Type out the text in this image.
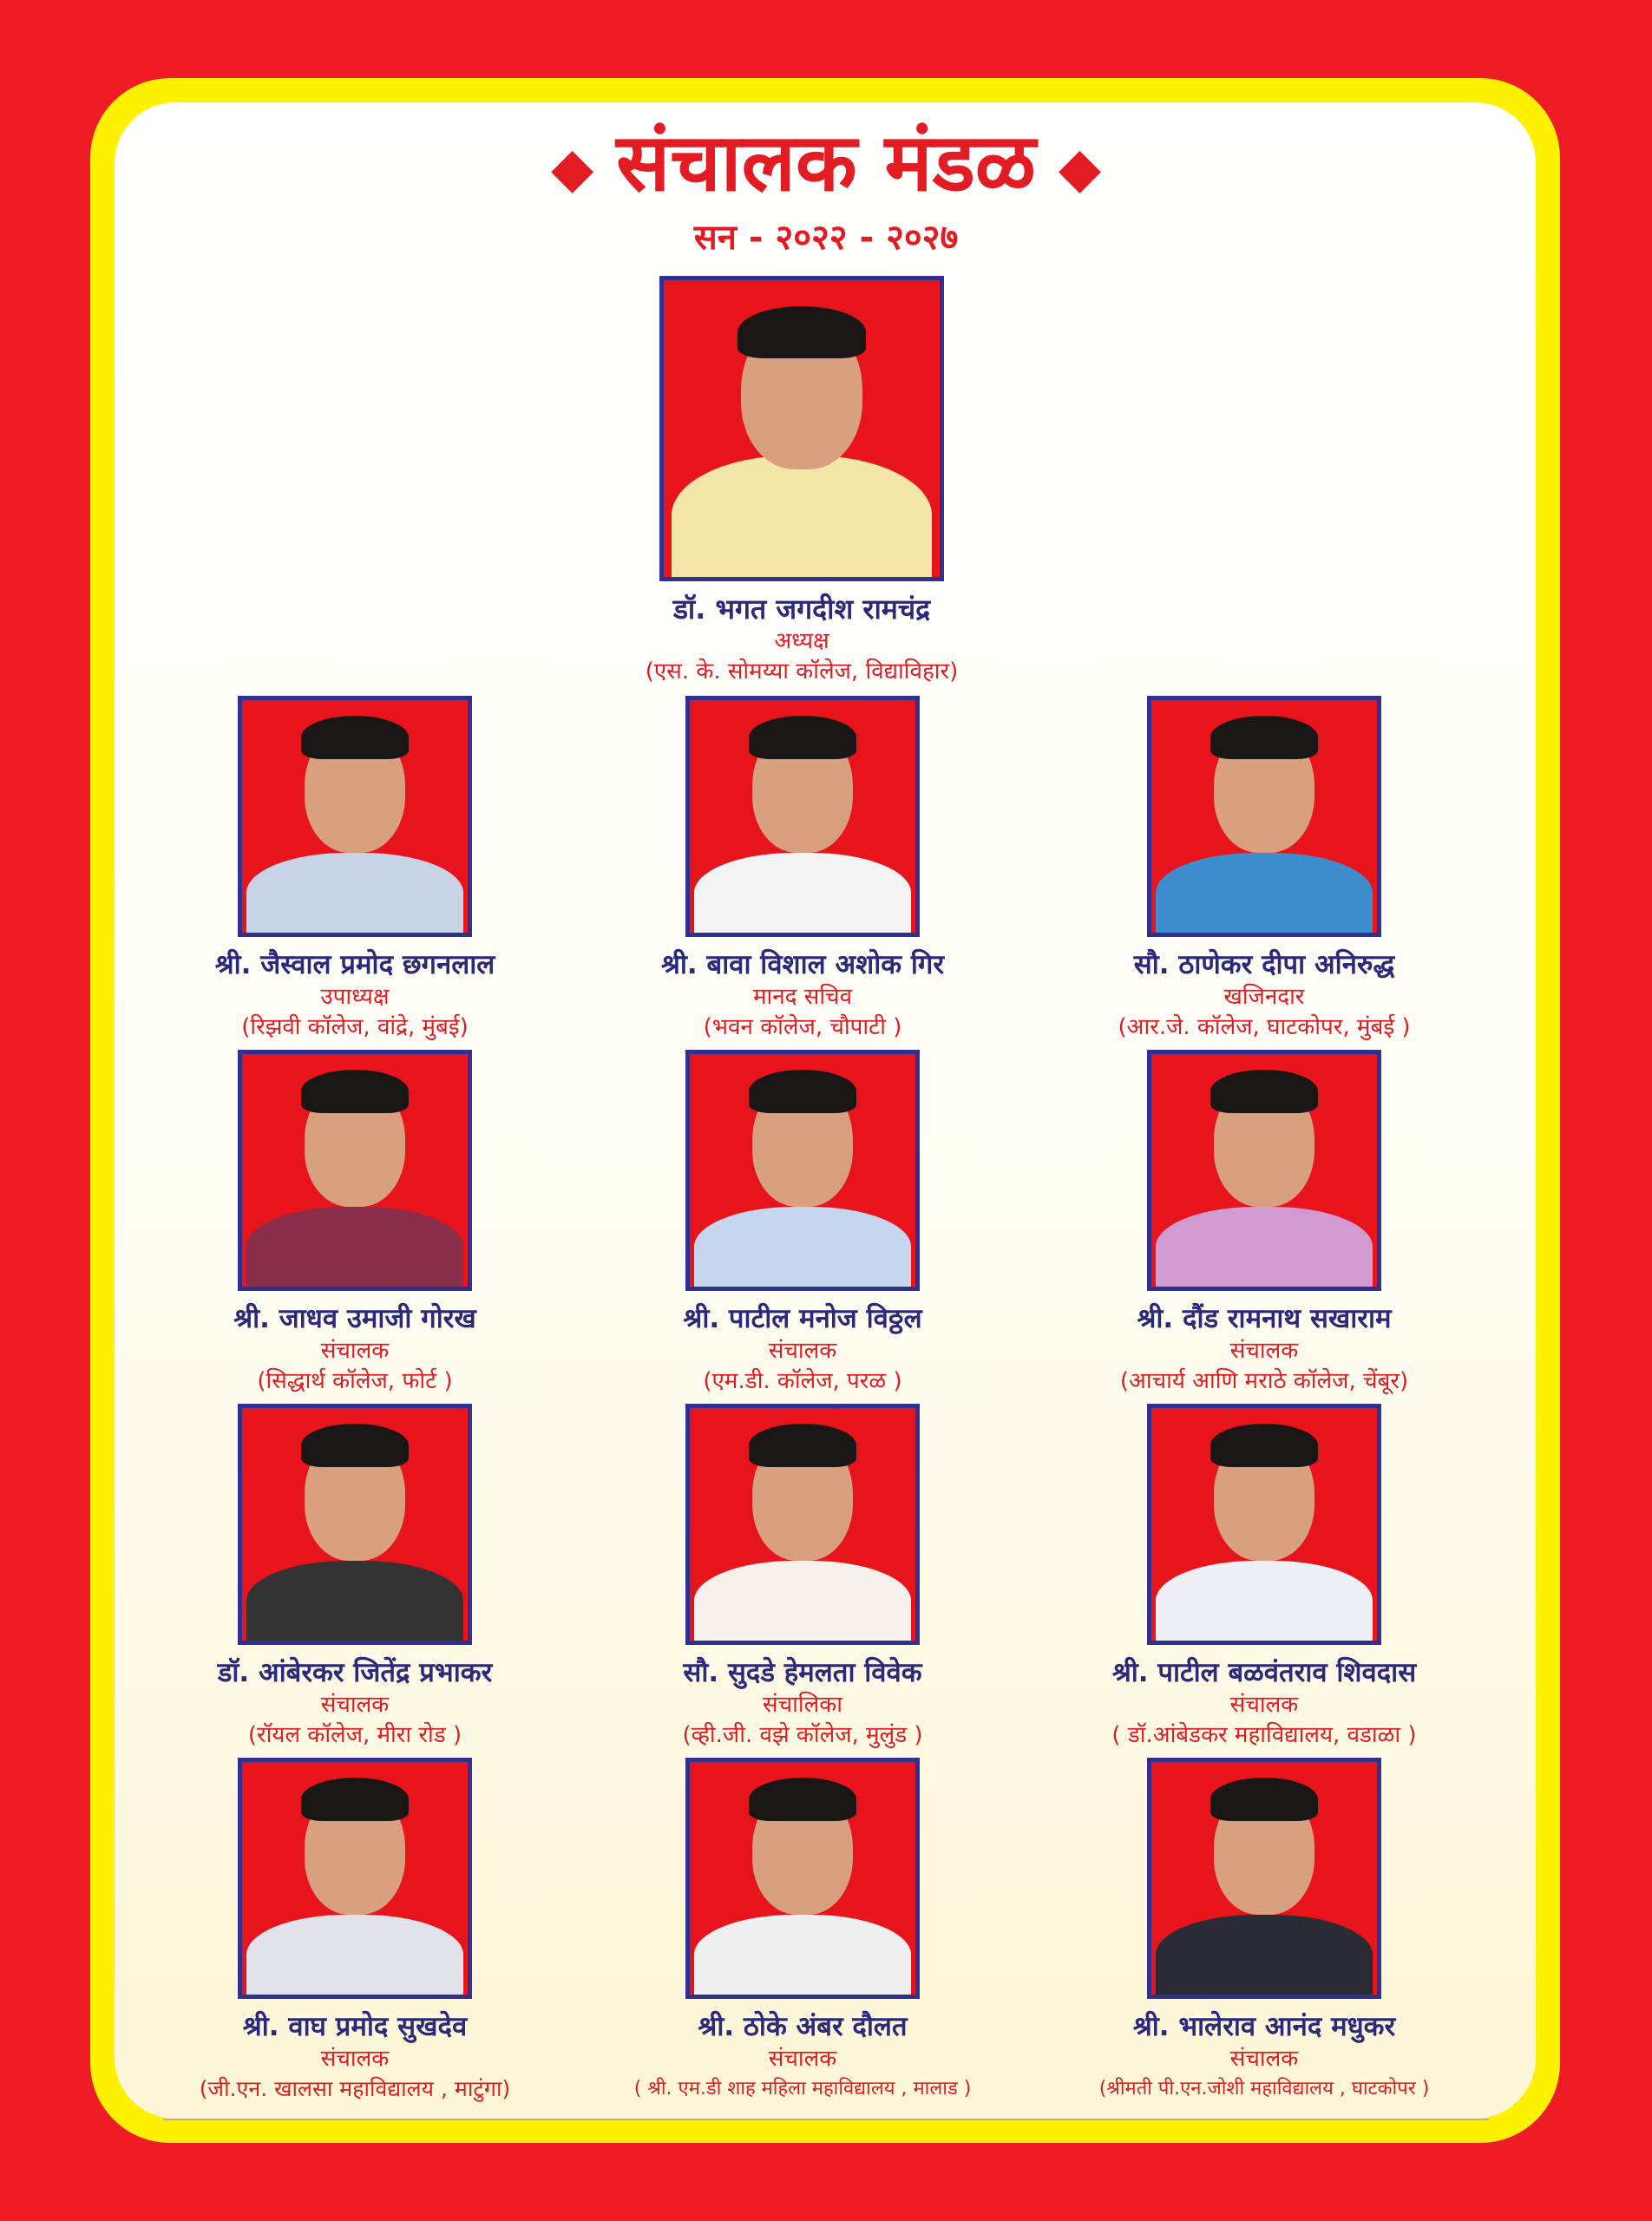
◆ संचालक मंडळ ◆
सन - २०२२ - २०२७
डॉ. भगत जगदीश रामचंद्र
अध्यक्ष
(एस. के. सोमय्या कॉलेज, विद्याविहार)
श्री. जैस्वाल प्रमोद छगनलाल
उपाध्यक्ष
(रिझवी कॉलेज, वांद्रे, मुंबई)
श्री. बावा विशाल अशोक गिर
मानद सचिव
(भवन कॉलेज, चौपाटी )
सौ. ठाणेकर दीपा अनिरुद्ध
खजिनदार
(आर.जे. कॉलेज, घाटकोपर, मुंबई )
श्री. जाधव उमाजी गोरख
संचालक
(सिद्धार्थ कॉलेज, फोर्ट )
श्री. पाटील मनोज विठ्ठल
संचालक
(एम.डी. कॉलेज, परळ )
श्री. दौंड रामनाथ सखाराम
संचालक
(आचार्य आणि मराठे कॉलेज, चेंबूर)
डॉ. आंबेरकर जितेंद्र प्रभाकर
संचालक
(रॉयल कॉलेज, मीरा रोड )
सौ. सुदडे हेमलता विवेक
संचालिका
(व्ही.जी. वझे कॉलेज, मुलुंड )
श्री. पाटील बळवंतराव शिवदास
संचालक
( डॉ.आंबेडकर महाविद्यालय, वडाळा )
श्री. वाघ प्रमोद सुखदेव
संचालक
(जी.एन. खालसा महाविद्यालय , माटुंगा)
श्री. ठोके अंबर दौलत
संचालक
( श्री. एम.डी शाह महिला महाविद्यालय , मालाड )
श्री. भालेराव आनंद मधुकर
संचालक
(श्रीमती पी.एन.जोशी महाविद्यालय , घाटकोपर )
